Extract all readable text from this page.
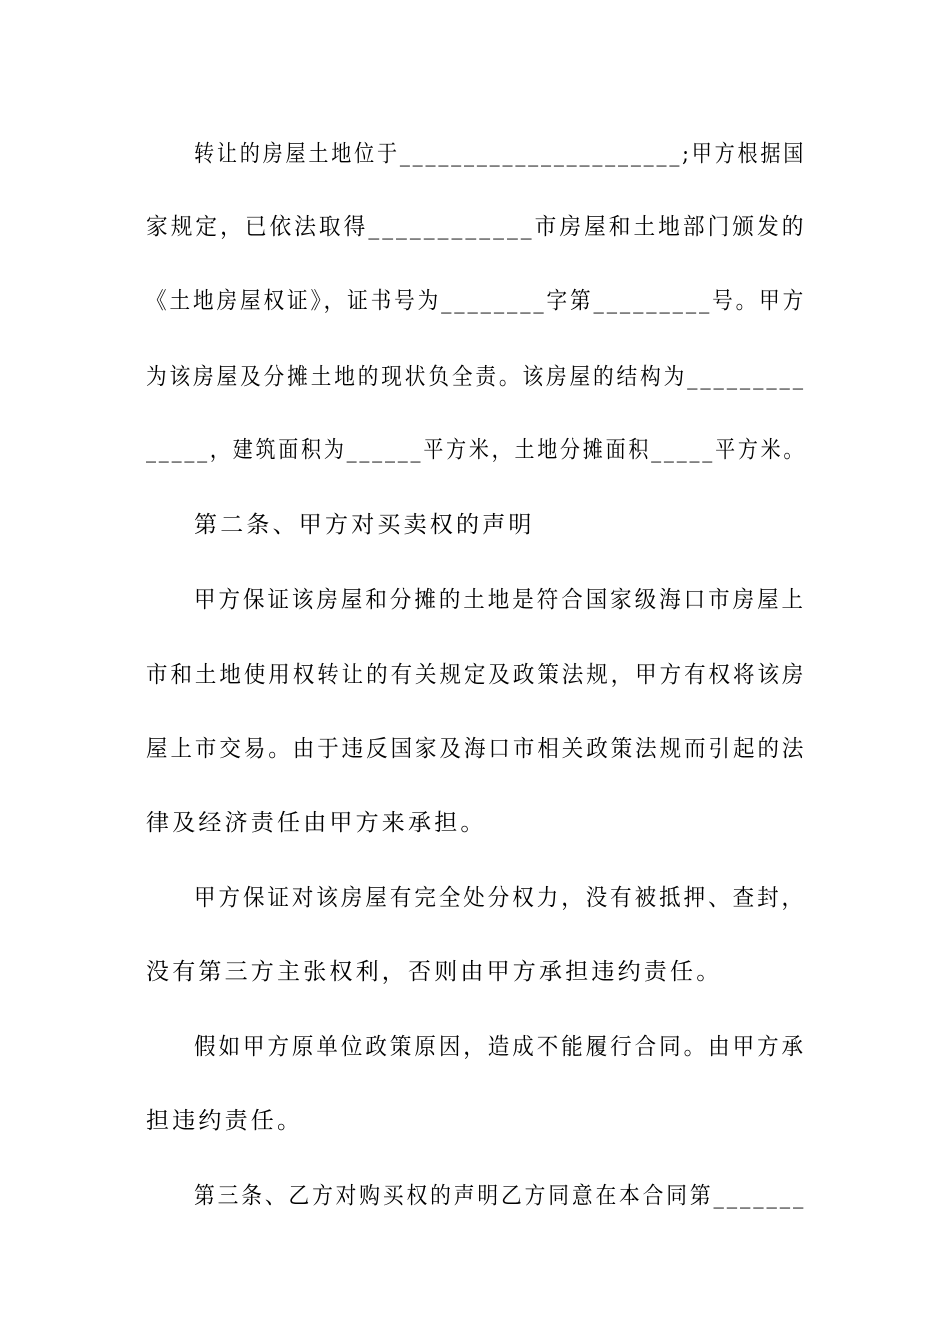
转让的房屋土地位于______________________;甲方根据国
家规定，已依法取得____________市房屋和土地部门颁发的
《土地房屋权证》，证书号为________字第_________号。甲方
为该房屋及分摊土地的现状负全责。该房屋的结构为_________
_____，建筑面积为______平方米，土地分摊面积_____平方米。
第二条、甲方对买卖权的声明
甲方保证该房屋和分摊的土地是符合国家级海口市房屋上
市和土地使用权转让的有关规定及政策法规，甲方有权将该房
屋上市交易。由于违反国家及海口市相关政策法规而引起的法
律及经济责任由甲方来承担。
甲方保证对该房屋有完全处分权力，没有被抵押、查封，
没有第三方主张权利，否则由甲方承担违约责任。
假如甲方原单位政策原因，造成不能履行合同。由甲方承
担违约责任。
第三条、乙方对购买权的声明乙方同意在本合同第_______
